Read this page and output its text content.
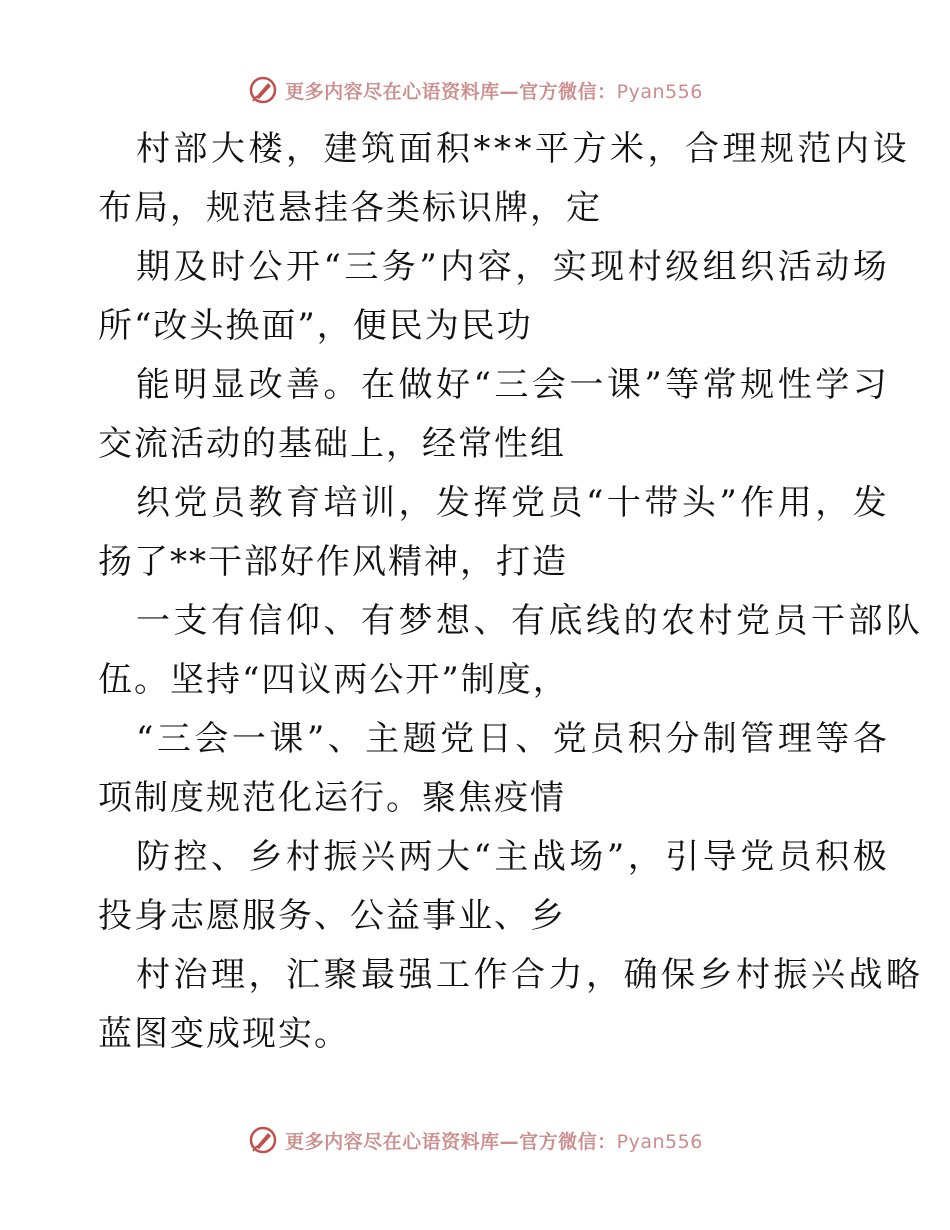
更多内容尽在心语资料库—官方微信：Pyan556
村部大楼，建筑面积***平方米，合理规范内设
布局，规范悬挂各类标识牌，定
期及时公开“三务”内容，实现村级组织活动场
所“改头换面”，便民为民功
能明显改善。在做好“三会一课”等常规性学习
交流活动的基础上，经常性组
织党员教育培训，发挥党员“十带头”作用，发
扬了**干部好作风精神，打造
一支有信仰、有梦想、有底线的农村党员干部队
伍。坚持“四议两公开”制度，
“三会一课”、主题党日、党员积分制管理等各
项制度规范化运行。聚焦疫情
防控、乡村振兴两大“主战场”，引导党员积极
投身志愿服务、公益事业、乡
村治理，汇聚最强工作合力，确保乡村振兴战略
蓝图变成现实。
更多内容尽在心语资料库—官方微信：Pyan556
